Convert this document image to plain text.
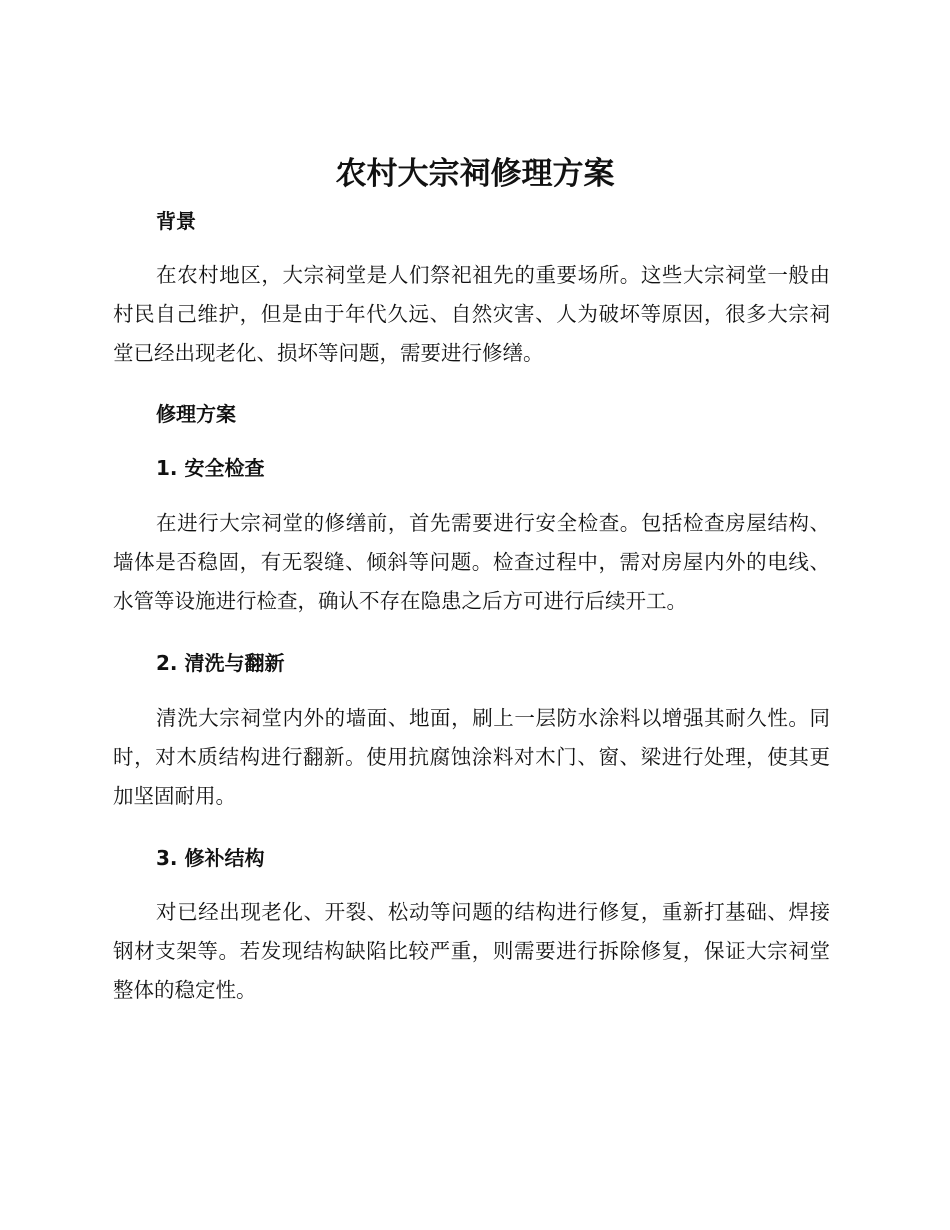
农村大宗祠修理方案
背景

在农村地区，大宗祠堂是人们祭祀祖先的重要场所。这些大宗祠堂一般由村民自己维护，但是由于年代久远、自然灾害、人为破坏等原因，很多大宗祠堂已经出现老化、损坏等问题，需要进行修缮。

修理方案
1. 安全检查

在进行大宗祠堂的修缮前，首先需要进行安全检查。包括检查房屋结构、墙体是否稳固，有无裂缝、倾斜等问题。检查过程中，需对房屋内外的电线、水管等设施进行检查，确认不存在隐患之后方可进行后续开工。

2. 清洗与翻新

清洗大宗祠堂内外的墙面、地面，刷上一层防水涂料以增强其耐久性。同时，对木质结构进行翻新。使用抗腐蚀涂料对木门、窗、梁进行处理，使其更加坚固耐用。

3. 修补结构

对已经出现老化、开裂、松动等问题的结构进行修复，重新打基础、焊接钢材支架等。若发现结构缺陷比较严重，则需要进行拆除修复，保证大宗祠堂整体的稳定性。
